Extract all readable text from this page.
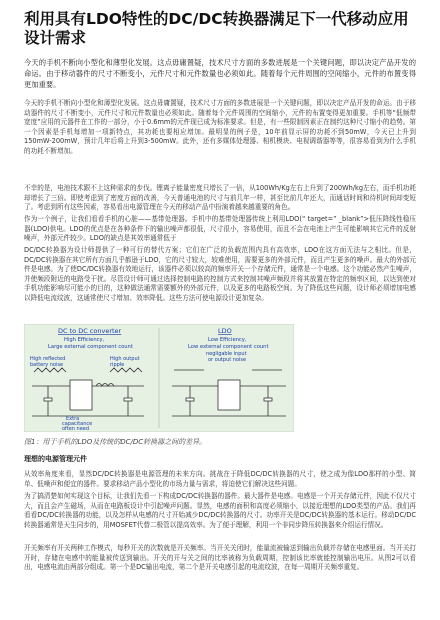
利用具有LDO特性的DC/DC转换器满足下一代移动应用设计需求

今天的手机不断向小型化和薄型化发展。这点毋庸置疑，技术尺寸方面的多数进展是一个关键问题，即以决定产品开发的命运。由于移动器件的尺寸不断变小，元件尺寸和元件数量也必须如此。随着每个元件周围的空间缩小，元件的布置变得更加重要。

今天的手机不断向小型化和薄型化发展。这点毋庸置疑，技术尺寸方面的多数进展是一个关键问题，即以决定产品开发的命运。由于移动器件的尺寸不断变小，元件尺寸和元件数量也必须如此。随着每个元件周围的空间缩小，元件的布置变得更加重要。手机等“低频带宽度”应用的元器件在工作的一部分，小于0.6mm的元件现已成为标准要求。但是，有一些限制因素正在制约这种尺寸缩小的趋势。第一个因素是手机每增加一项新特点，其功耗也要相应增加。最明显的例子是，10年前显示屏的功耗不到50mW，今天已上升到150mW-200mW，预计几年后将上升到3-500mW。此外，还有多媒体处理器、相机模块、电视调谐器等等，很容易看到为什么手机的功耗不断增加。

不幸的是，电池技术跟不上这种需求的步伐。锂离子能量密度只增长了一倍，从100Wh/Kg左右上升到了200Wh/kg左右，而手机功耗却增长了三倍。即使考虑到了密度方面的改善，今天普通电池的尺寸与前几年一样，甚至比前几年还大，而通话时间和待机时间却变短了。考虑到所有这些因素，容易看出电源管理在今天的移动产品中扮演着越来越重要的角色。

作为一个例子，让我们看看手机的心脏——基带处理器。手机中的基带处理器传统上利用LDO(“ target=” _blank”>低压降线性稳压器(LDO)供电。LDO的优点是在各种条件下的输出噪声都很低，尺寸很小，容易使用，而且不会在电池上产生可能影响其它元件的反射噪声，外部元件较少。LDO的缺点是其效率通常低于

DC/DC转换器为设计师提供了一种可行的替代方案；它们在广泛的负载范围内具有高效率，LDO在这方面无法与之相比。但是，DC/DC转换器在其它所有方面几乎都逊于LDO，它的尺寸较大，较难使用，需要更多的外部元件，而且产生更多的噪声。最大的外部元件是电感。为了使DC/DC转换器有效地运行，该器件必须以较高的频率开关一个存储元件，通常是一个电感。这个功能必然产生噪声，并使频段附近的电路受干扰。尽管设计师可通过选择控制电路的控制方式来控制其噪声频段并将其放置在特定的频率区间，以达到使对手机功能影响尽可能小的目的，这种做法通常需要额外的外部元件，以及更多的电路板空间。为了降低这些问题，设计师必须增加电感以降低电流纹波，这通常使尺寸增加、效率降低。这些方法可使电源设计更加复杂。

DC to DC converter
High Efficiency,
Large external component count
High reflected
battery noise
High output
ripple
Extra
capacitance
often need
LDO
Low Efficiency,
Low external component count
negligable input
or output noise

图1：用于手机的LDO及传统的DC/DC转换器之间的差异。

理想的电源管理元件

从效率角度来看，显然DC/DC转换器是电源管理的未来方向。挑战在于降低DC/DC转换器的尺寸，使之成为像LDO那样的小型、简单、低噪声和便宜的器件。要求移动产品小型化的市场力量与需求，将迫使它们解决这些问题。

为了搞清楚如何实现这个目标，让我们先看一下构成DC/DC转换器的器件。最大器件是电感。电感是一个开关存储元件，因此不仅尺寸大，而且会产生磁场，从而在电路板设计中引起噪声问题。显然，电感的面积和高度必须缩小，以接近理想的LDO类型的产品。我们再看看DC/DC转换器的功能，以及怎样从电感的尺寸开始减少DC/DC转换器的尺寸。功率开关是DC/DC转换器的基本运行。移动DC/DC转换器通常是天生同步的，用MOSFET代替二极管以提高效率。为了便于理解，利用一个非同步降压转换器来介绍运行情况。

开关频率有开关两种工作模式，每秒开关的次数就是开关频率。当开关关闭时，能量流被输送到输出负载并存储在电感里面。当开关打开时，存储在电感中的能量被传送到输出。开关的开与关之间的比率被称为负载周期，控制该比率就能控制输出电压。从图2可以看出，电感电流由两部分组成。第一个是DC输出电流，第二个是开关电感引起的电流纹波，在每一周期开关频率重复。
